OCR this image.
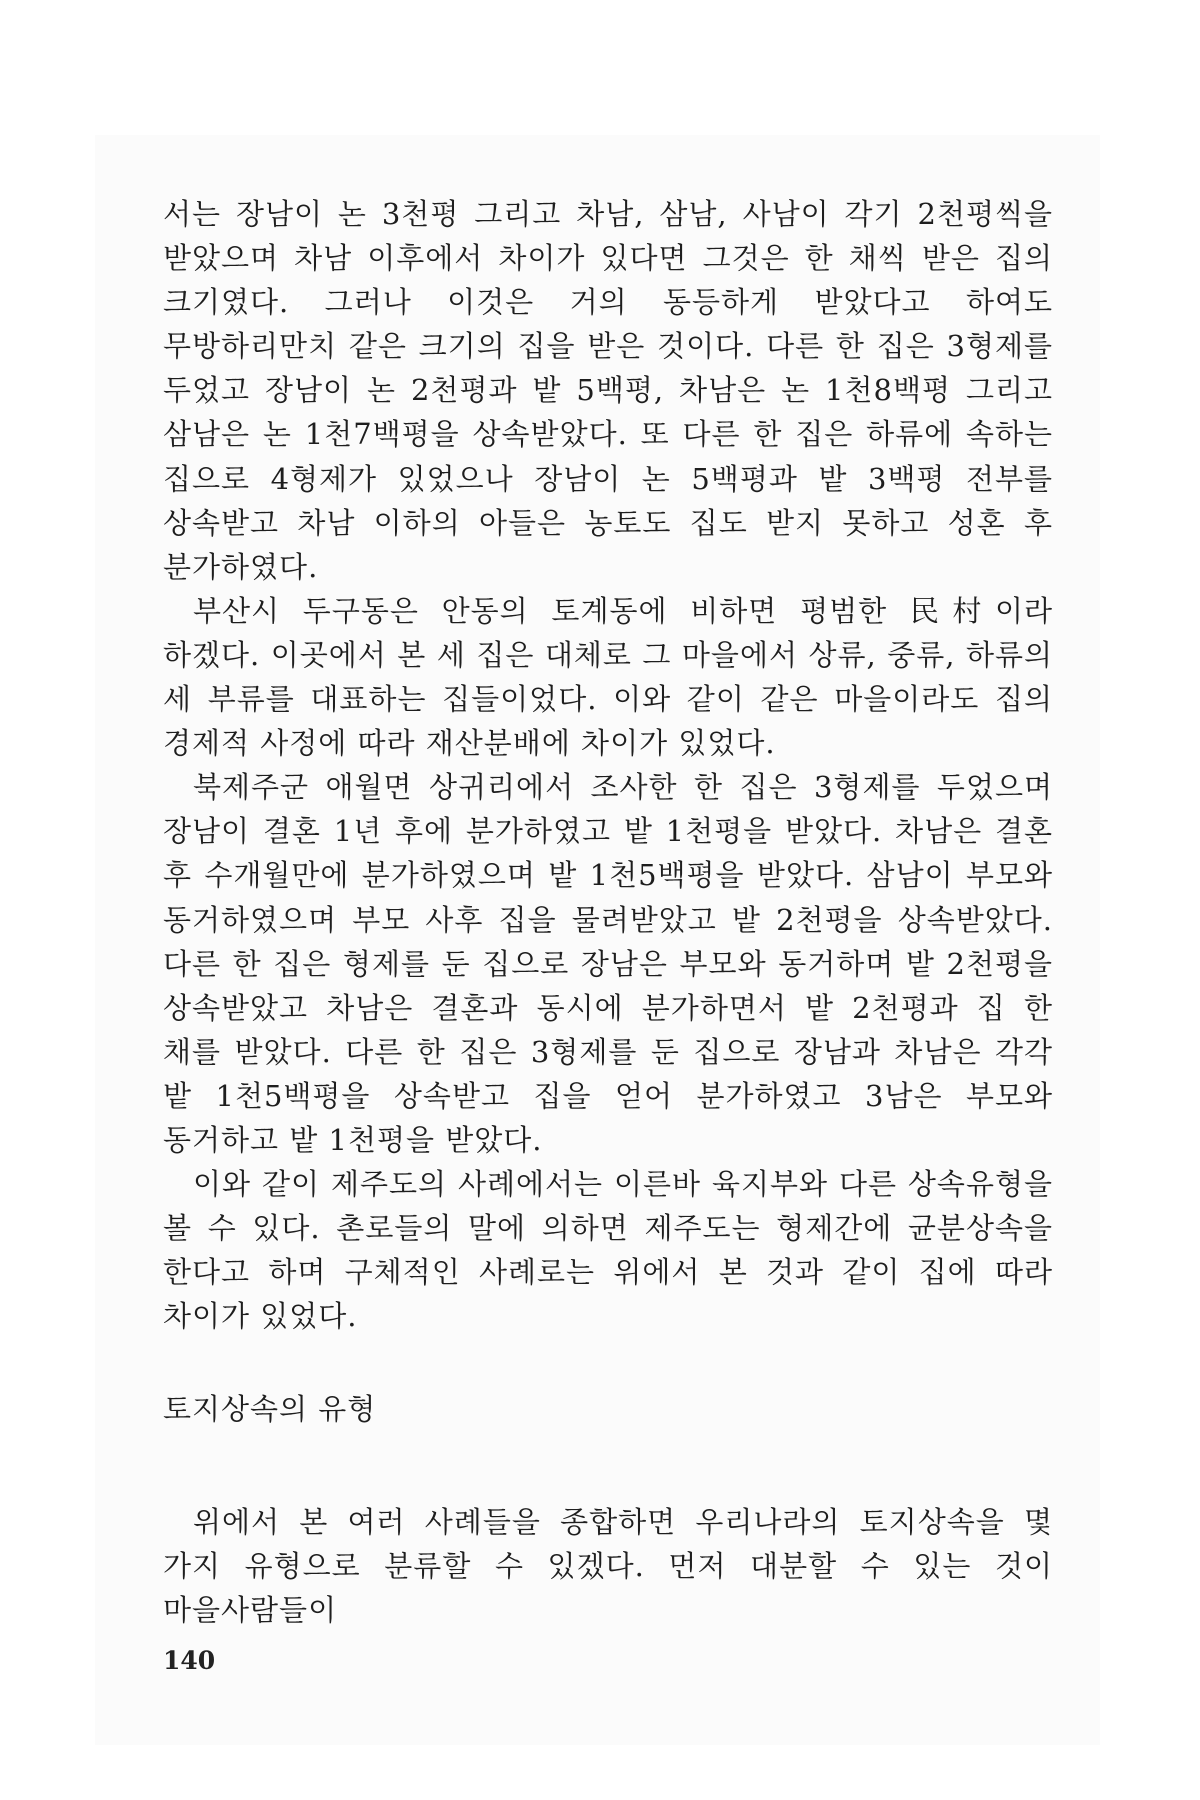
서는 장남이 논 3천평 그리고 차남, 삼남, 사남이 각기 2천평씩을 받았으며 차남 이후에서 차이가 있다면 그것은 한 채씩 받은 집의 크기였다. 그러나 이것은 거의 동등하게 받았다고 하여도 무방하리만치 같은 크기의 집을 받은 것이다. 다른 한 집은 3형제를 두었고 장남이 논 2천평과 밭 5백평, 차남은 논 1천8백평 그리고 삼남은 논 1천7백평을 상속받았다. 또 다른 한 집은 하류에 속하는 집으로 4형제가 있었으나 장남이 논 5백평과 밭 3백평 전부를 상속받고 차남 이하의 아들은 농토도 집도 받지 못하고 성혼 후 분가하였다.

부산시 두구동은 안동의 토계동에 비하면 평범한 民村이라 하겠다. 이곳에서 본 세 집은 대체로 그 마을에서 상류, 중류, 하류의 세 부류를 대표하는 집들이었다. 이와 같이 같은 마을이라도 집의 경제적 사정에 따라 재산분배에 차이가 있었다.

북제주군 애월면 상귀리에서 조사한 한 집은 3형제를 두었으며 장남이 결혼 1년 후에 분가하였고 밭 1천평을 받았다. 차남은 결혼 후 수개월만에 분가하였으며 밭 1천5백평을 받았다. 삼남이 부모와 동거하였으며 부모 사후 집을 물려받았고 밭 2천평을 상속받았다. 다른 한 집은 형제를 둔 집으로 장남은 부모와 동거하며 밭 2천평을 상속받았고 차남은 결혼과 동시에 분가하면서 밭 2천평과 집 한 채를 받았다. 다른 한 집은 3형제를 둔 집으로 장남과 차남은 각각 밭 1천5백평을 상속받고 집을 얻어 분가하였고 3남은 부모와 동거하고 밭 1천평을 받았다.

이와 같이 제주도의 사례에서는 이른바 육지부와 다른 상속유형을 볼 수 있다. 촌로들의 말에 의하면 제주도는 형제간에 균분상속을 한다고 하며 구체적인 사례로는 위에서 본 것과 같이 집에 따라 차이가 있었다.

토지상속의 유형

위에서 본 여러 사례들을 종합하면 우리나라의 토지상속을 몇 가지 유형으로 분류할 수 있겠다. 먼저 대분할 수 있는 것이 마을사람들이

140
